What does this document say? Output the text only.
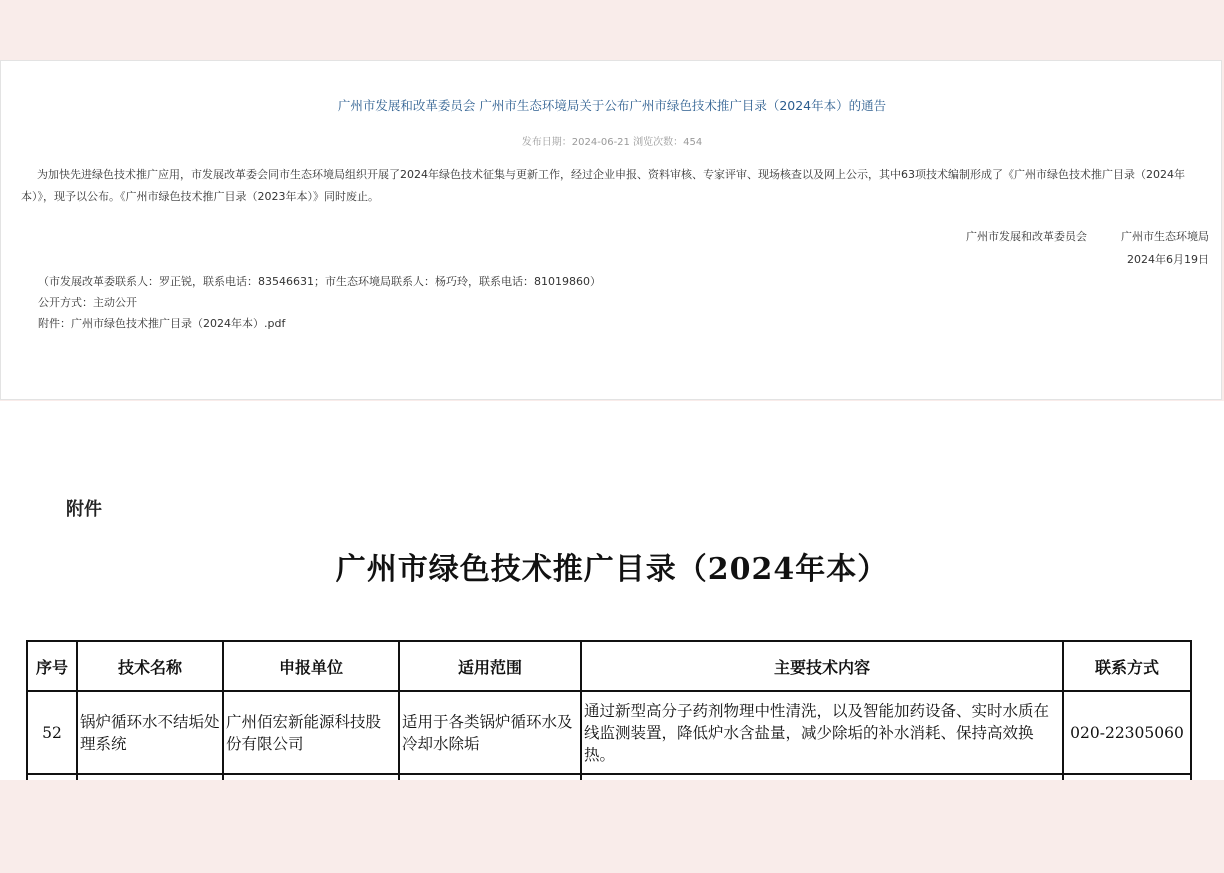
广州市发展和改革委员会 广州市生态环境局关于公布广州市绿色技术推广目录（2024年本）的通告
发布日期：2024-06-21 浏览次数：454
为加快先进绿色技术推广应用，市发展改革委会同市生态环境局组织开展了2024年绿色技术征集与更新工作，经过企业申报、资料审核、专家评审、现场核查以及网上公示，其中63项技术编制形成了《广州市绿色技术推广目录（2024年本）》，现予以公布。《广州市绿色技术推广目录（2023年本）》同时废止。
广州市发展和改革委员会	广州市生态环境局
2024年6月19日
（市发展改革委联系人：罗正锐，联系电话：83546631；市生态环境局联系人：杨巧玲，联系电话：81019860）
公开方式：主动公开
附件：广州市绿色技术推广目录（2024年本）.pdf
附件
广州市绿色技术推广目录（2024年本）
序号	技术名称	申报单位	适用范围	主要技术内容	联系方式
52	锅炉循环水不结垢处理系统	广州佰宏新能源科技股份有限公司	适用于各类锅炉循环水及冷却水除垢	通过新型高分子药剂物理中性清洗，以及智能加药设备、实时水质在线监测装置，降低炉水含盐量，减少除垢的补水消耗、保持高效换热。	020-22305060
